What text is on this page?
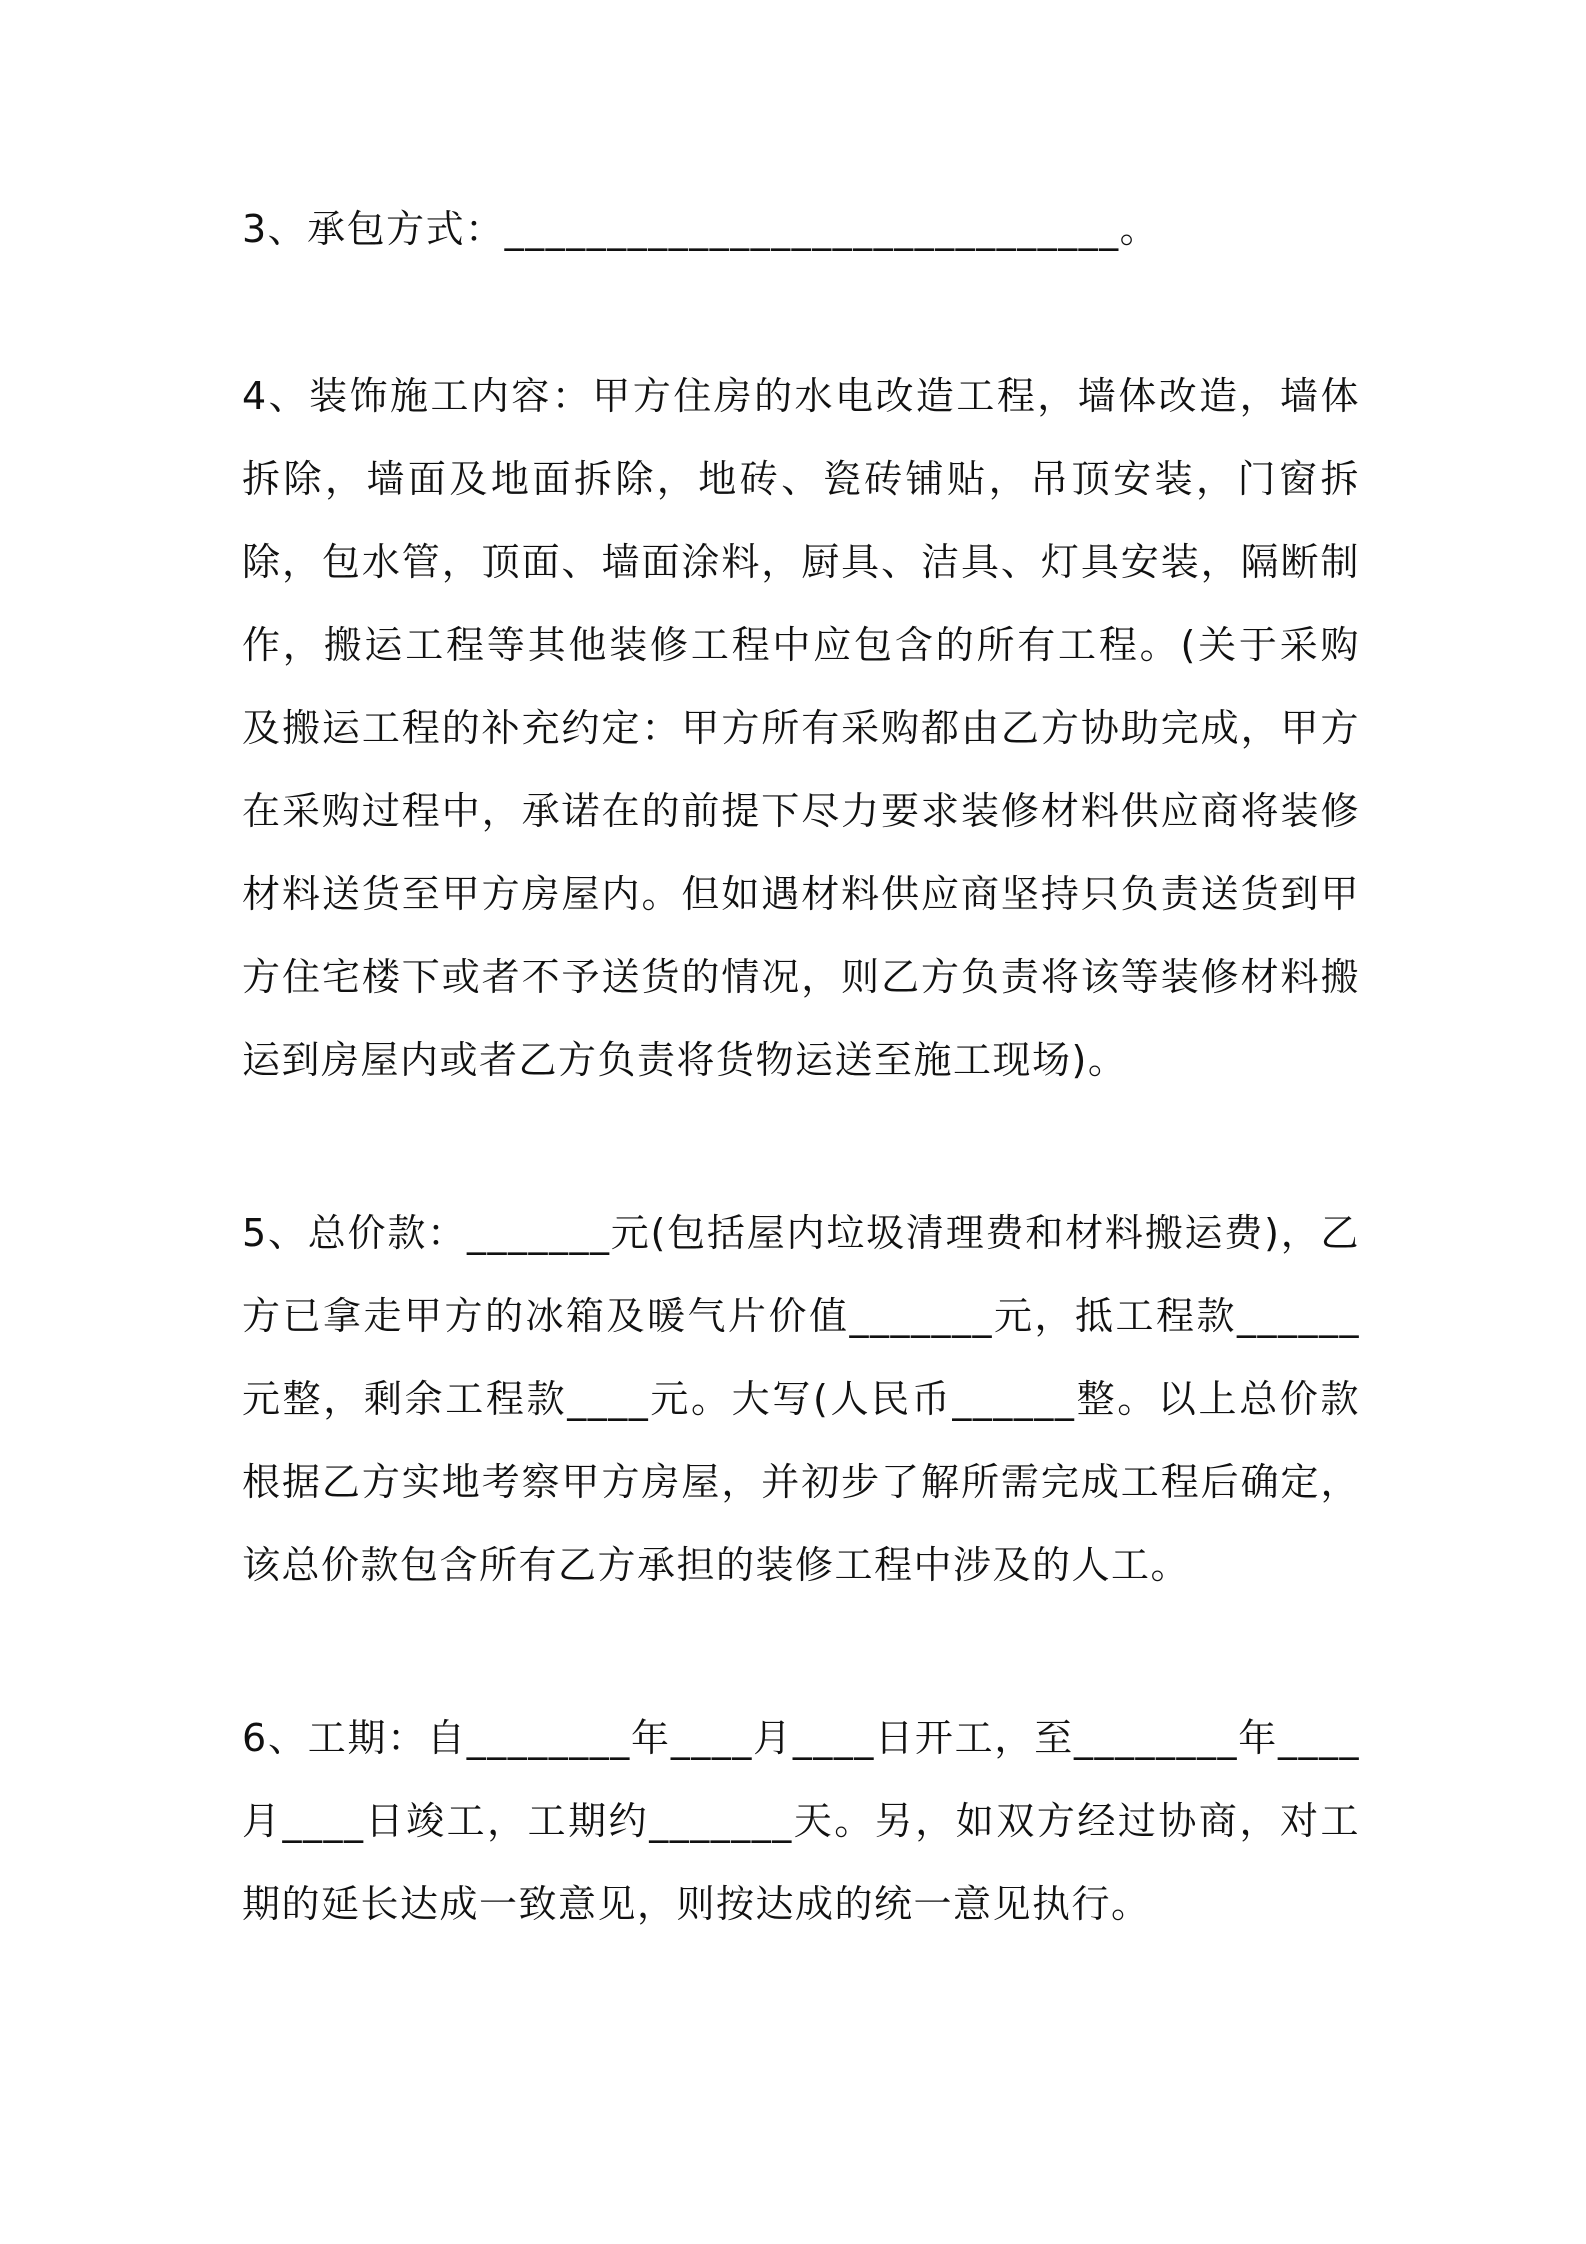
3、承包方式：______________________________。

4、装饰施工内容：甲方住房的水电改造工程，墙体改造，墙体拆除，墙面及地面拆除，地砖、瓷砖铺贴，吊顶安装，门窗拆除，包水管，顶面、墙面涂料，厨具、洁具、灯具安装，隔断制作，搬运工程等其他装修工程中应包含的所有工程。(关于采购及搬运工程的补充约定：甲方所有采购都由乙方协助完成，甲方在采购过程中，承诺在的前提下尽力要求装修材料供应商将装修材料送货至甲方房屋内。但如遇材料供应商坚持只负责送货到甲方住宅楼下或者不予送货的情况，则乙方负责将该等装修材料搬运到房屋内或者乙方负责将货物运送至施工现场)。

5、总价款：_______元(包括屋内垃圾清理费和材料搬运费)，乙方已拿走甲方的冰箱及暖气片价值_______元，抵工程款______元整，剩余工程款____元。大写(人民币______整。以上总价款根据乙方实地考察甲方房屋，并初步了解所需完成工程后确定，该总价款包含所有乙方承担的装修工程中涉及的人工。

6、工期：自________年____月____日开工，至________年____月____日竣工，工期约_______天。另，如双方经过协商，对工期的延长达成一致意见，则按达成的统一意见执行。
